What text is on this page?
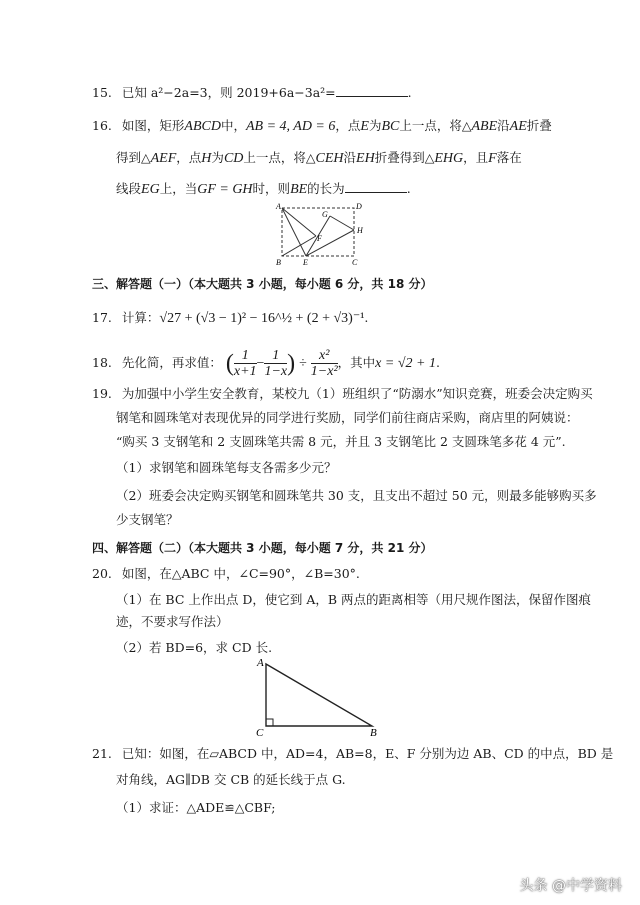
15. 已知 a²−2a=3，则 2019+6a−3a²=	.
16. 如图，矩形ABCD中，AB = 4, AD = 6，点E为BC上一点，将△ABE沿AE折叠
得到△AEF，点H为CD上一点，将△CEH沿EH折叠得到△EHG，且F落在
线段EG上，当GF = GH时，则BE的长为	.
A	D
G
H
F
B	E	C
三、解答题（一）（本大题共 3 小题，每小题 6 分，共 18 分）
17. 计算：√27 + (√3 − 1)² − 16^½ + (2 + √3)⁻¹.
18. 先化简，再求值： ( $\frac{1}{x+1} - \frac{1}{1-x}$ ) ÷ $\frac{\text{x²}}{\text{1−x²}}$ ，其中x = √2 + 1.
19. 为加强中小学生安全教育，某校九（1）班组织了“防溺水”知识竞赛，班委会决定购买
钢笔和圆珠笔对表现优异的同学进行奖励，同学们前往商店采购，商店里的阿姨说：
“购买 3 支钢笔和 2 支圆珠笔共需 8 元，并且 3 支钢笔比 2 支圆珠笔多花 4 元”.
（1）求钢笔和圆珠笔每支各需多少元？
（2）班委会决定购买钢笔和圆珠笔共 30 支，且支出不超过 50 元，则最多能够购买多
少支钢笔？
四、解答题（二）（本大题共 3 小题，每小题 7 分，共 21 分）
20. 如图，在△ABC 中，∠C=90°，∠B=30°.
（1）在 BC 上作出点 D，使它到 A，B 两点的距离相等（用尺规作图法，保留作图痕
迹，不要求写作法）
（2）若 BD=6，求 CD 长.
A
C	B
21. 已知：如图，在▱ABCD 中，AD=4，AB=8，E、F 分别为边 AB、CD 的中点，BD 是
对角线，AG∥DB 交 CB 的延长线于点 G.
（1）求证：△ADE≌△CBF;
头条 @中学资料
